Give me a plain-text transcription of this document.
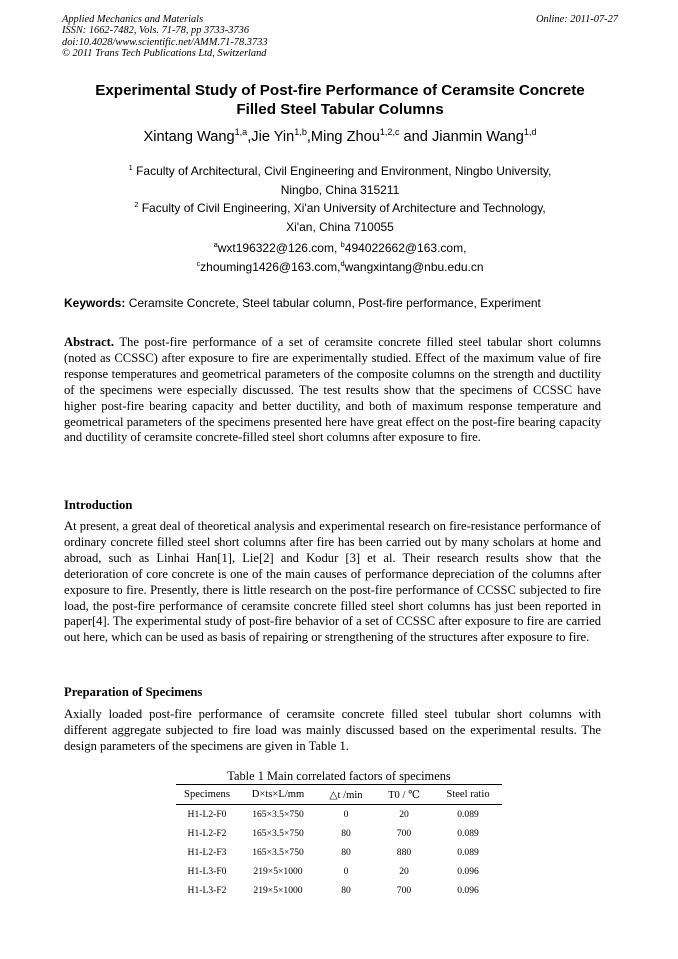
Applied Mechanics and Materials
ISSN: 1662-7482, Vols. 71-78, pp 3733-3736
doi:10.4028/www.scientific.net/AMM.71-78.3733
© 2011 Trans Tech Publications Ltd, Switzerland
Online: 2011-07-27
Experimental Study of Post-fire Performance of Ceramsite Concrete
Filled Steel Tabular Columns
Xintang Wang$^{1,a}$,Jie Yin$^{1,b}$,Ming Zhou$^{1,2,c}$ and Jianmin Wang$^{1,d}$
$^1$ Faculty of Architectural, Civil Engineering and Environment, Ningbo University,
Ningbo, China 315211
$^2$ Faculty of Civil Engineering, Xi'an University of Architecture and Technology,
Xi'an, China 710055
$^a$wxt196322@126.com, $^b$494022662@163.com,
$^c$zhouming1426@163.com,$^d$wangxintang@nbu.edu.cn
Keywords: Ceramsite Concrete, Steel tabular column, Post-fire performance, Experiment
Abstract. The post-fire performance of a set of ceramsite concrete filled steel tabular short columns (noted as CCSSC) after exposure to fire are experimentally studied. Effect of the maximum value of fire response temperatures and geometrical parameters of the composite columns on the strength and ductility of the specimens were especially discussed. The test results show that the specimens of CCSSC have higher post-fire bearing capacity and better ductility, and both of maximum response temperature and geometrical parameters of the specimens presented here have great effect on the post-fire bearing capacity and ductility of ceramsite concrete-filled steel short columns after exposure to fire.
Introduction
At present, a great deal of theoretical analysis and experimental research on fire-resistance performance of ordinary concrete filled steel short columns after fire has been carried out by many scholars at home and abroad, such as Linhai Han[1], Lie[2] and Kodur [3] et al. Their research results show that the deterioration of core concrete is one of the main causes of performance depreciation of the columns after exposure to fire. Presently, there is little research on the post-fire performance of CCSSC subjected to fire load, the post-fire performance of ceramsite concrete filled steel short columns has just been reported in paper[4]. The experimental study of post-fire behavior of a set of CCSSC after exposure to fire are carried out here, which can be used as basis of repairing or strengthening of the structures after exposure to fire.
Preparation of Specimens
Axially loaded post-fire performance of ceramsite concrete filled steel tubular short columns with different aggregate subjected to fire load was mainly discussed based on the experimental results. The design parameters of the specimens are given in Table 1.
Table 1 Main correlated factors of specimens
Specimens	D×ts×L/mm	△t /min	T0 / ℃	Steel ratio
H1-L2-F0	165×3.5×750	0	20	0.089
H1-L2-F2	165×3.5×750	80	700	0.089
H1-L2-F3	165×3.5×750	80	880	0.089
H1-L3-F0	219×5×1000	0	20	0.096
H1-L3-F2	219×5×1000	80	700	0.096
